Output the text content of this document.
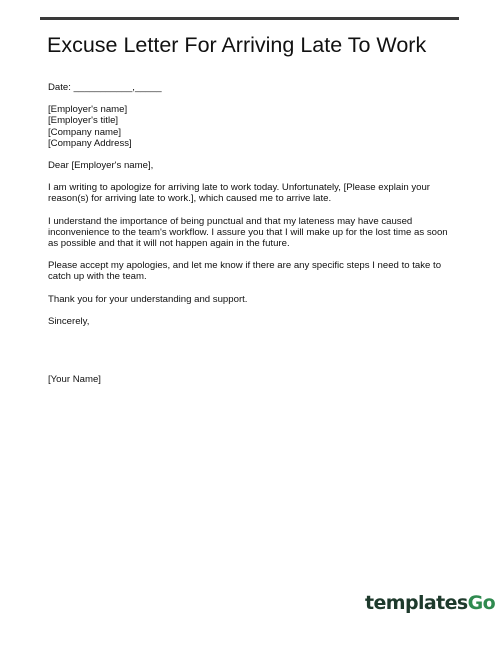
Excuse Letter For Arriving Late To Work

Date: ___________,_____

[Employer's name]

[Employer's title]

[Company name]

[Company Address]

Dear [Employer's name],

I am writing to apologize for arriving late to work today. Unfortunately, [Please explain your reason(s) for arriving late to work.], which caused me to arrive late.

I understand the importance of being punctual and that my lateness may have caused inconvenience to the team's workflow. I assure you that I will make up for the lost time as soon as possible and that it will not happen again in the future.

Please accept my apologies, and let me know if there are any specific steps I need to take to catch up with the team.

Thank you for your understanding and support.

Sincerely,

[Your Name]

templates Go
